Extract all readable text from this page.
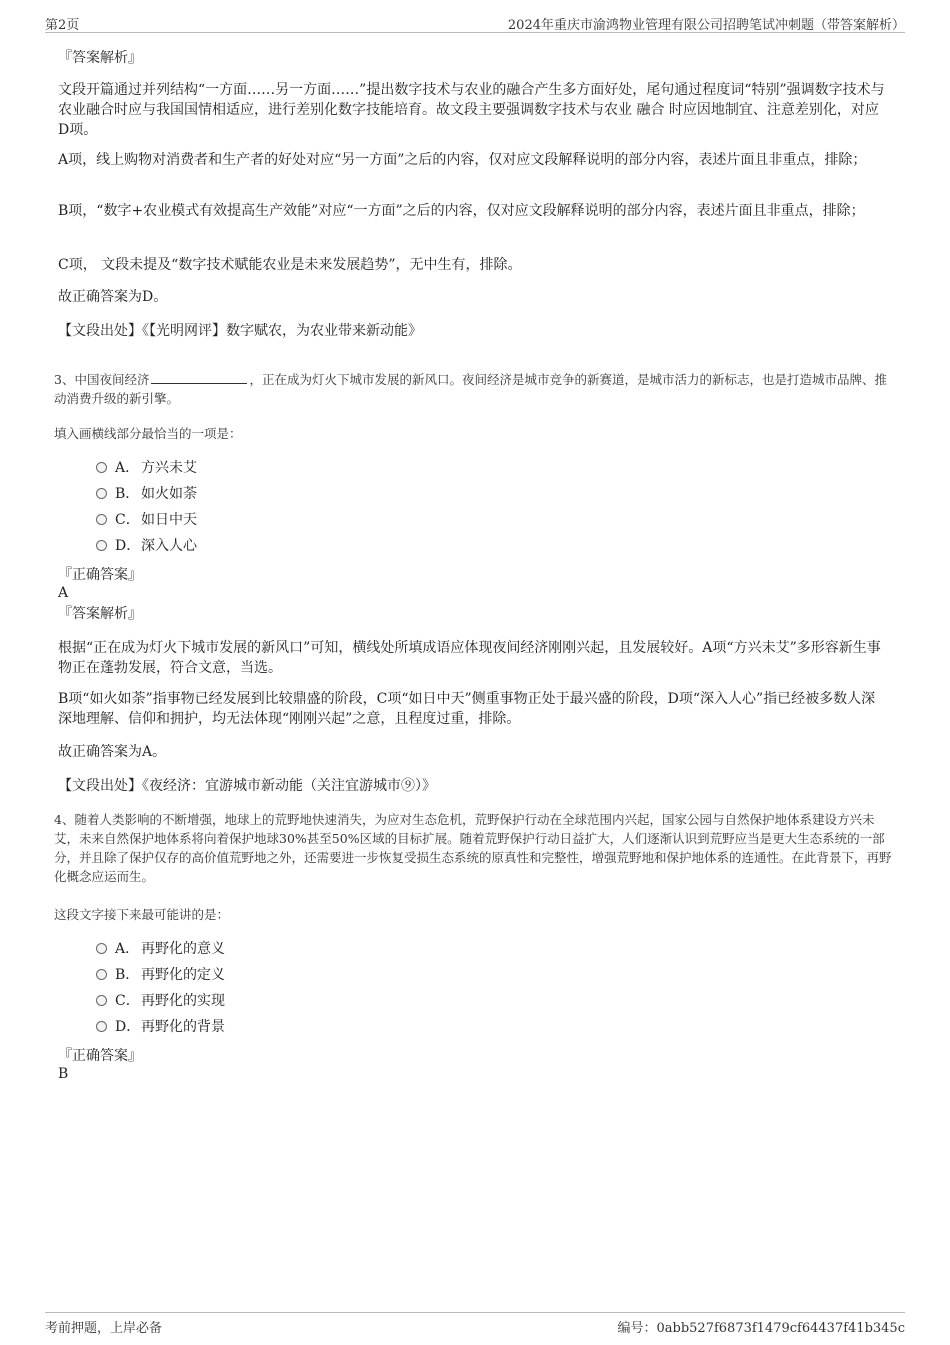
第2页	2024年重庆市渝鸿物业管理有限公司招聘笔试冲刺题（带答案解析）
『答案解析』
文段开篇通过并列结构“一方面……另一方面……”提出数字技术与农业的融合产生多方面好处，尾句通过程度词“特别”强调数字技术与农业融合时应与我国国情相适应，进行差别化数字技能培育。故文段主要强调数字技术与农业 融合 时应因地制宜、注意差别化，对应D项。
A项，线上购物对消费者和生产者的好处对应“另一方面”之后的内容，仅对应文段解释说明的部分内容，表述片面且非重点，排除；
B项，“数字+农业模式有效提高生产效能”对应“一方面”之后的内容，仅对应文段解释说明的部分内容，表述片面且非重点，排除；
C项， 文段未提及“数字技术赋能农业是未来发展趋势”，无中生有，排除。
故正确答案为D。
【文段出处】《【光明网评】数字赋农，为农业带来新动能》
3、中国夜间经济	，正在成为灯火下城市发展的新风口。夜间经济是城市竞争的新赛道，是城市活力的新标志，也是打造城市品牌、推动消费升级的新引擎。
填入画横线部分最恰当的一项是：
A． 方兴未艾
B． 如火如荼
C．如日中天
D．深入人心
『正确答案』
A
『答案解析』
根据“正在成为灯火下城市发展的新风口”可知，横线处所填成语应体现夜间经济刚刚兴起，且发展较好。A项“方兴未艾”多形容新生事物正在蓬勃发展，符合文意，当选。
B项“如火如荼”指事物已经发展到比较鼎盛的阶段，C项“如日中天”侧重事物正处于最兴盛的阶段，D项“深入人心”指已经被多数人深深地理解、信仰和拥护，均无法体现“刚刚兴起”之意，且程度过重，排除。
故正确答案为A。
【文段出处】《夜经济：宜游城市新动能（关注宜游城市⑨）》
4、随着人类影响的不断增强，地球上的荒野地快速消失，为应对生态危机，荒野保护行动在全球范围内兴起，国家公园与自然保护地体系建设方兴未艾，未来自然保护地体系将向着保护地球30%甚至50%区域的目标扩展。随着荒野保护行动日益扩大，人们逐渐认识到荒野应当是更大生态系统的一部分，并且除了保护仅存的高价值荒野地之外，还需要进一步恢复受损生态系统的原真性和完整性，增强荒野地和保护地体系的连通性。在此背景下，再野化概念应运而生。
这段文字接下来最可能讲的是：
A． 再野化的意义
B． 再野化的定义
C．再野化的实现
D．再野化的背景
『正确答案』
B
考前押题，上岸必备	编号：0abb527f6873f1479cf64437f41b345c
